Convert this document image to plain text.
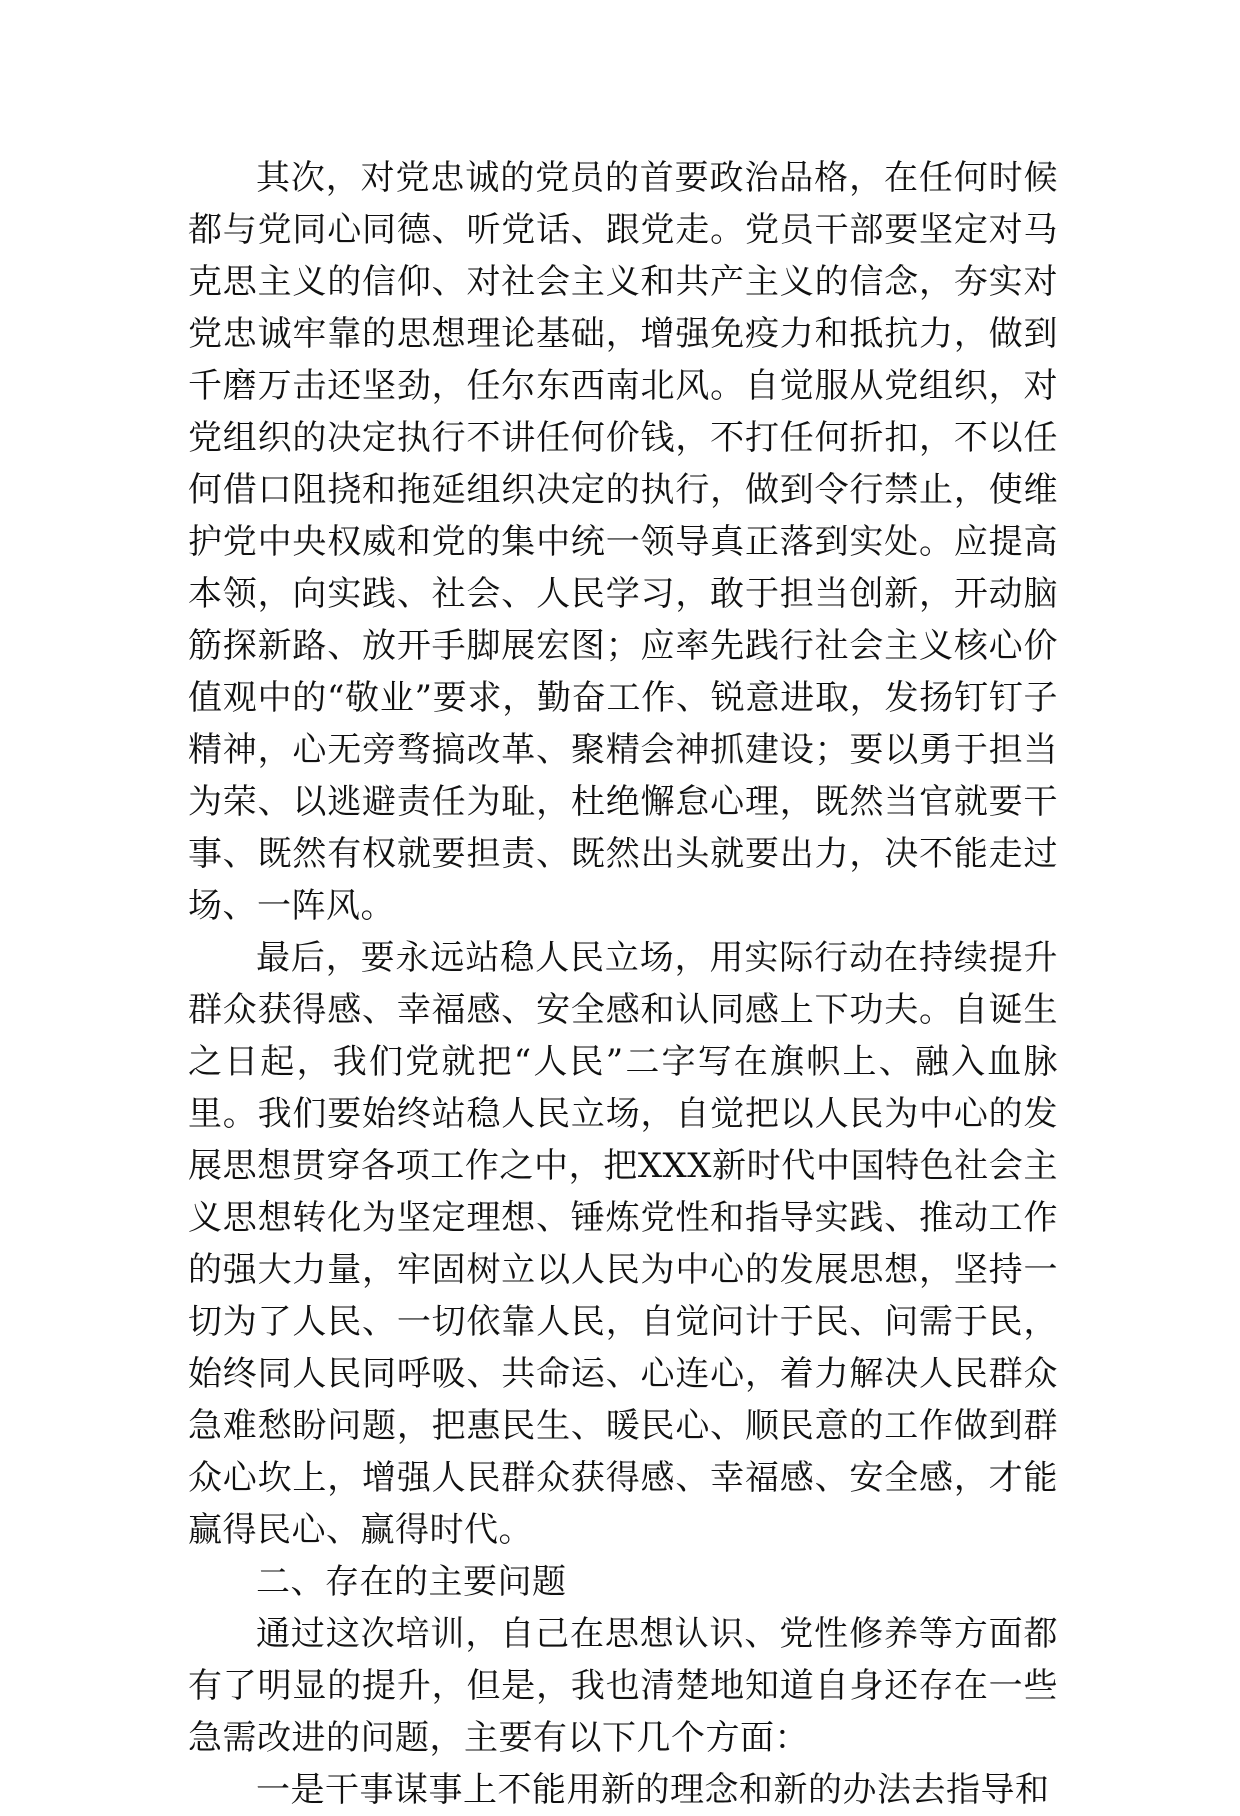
其次，对党忠诚的党员的首要政治品格，在任何时候都与党同心同德、听党话、跟党走。党员干部要坚定对马克思主义的信仰、对社会主义和共产主义的信念，夯实对党忠诚牢靠的思想理论基础，增强免疫力和抵抗力，做到千磨万击还坚劲，任尔东西南北风。自觉服从党组织，对党组织的决定执行不讲任何价钱，不打任何折扣，不以任何借口阻挠和拖延组织决定的执行，做到令行禁止，使维护党中央权威和党的集中统一领导真正落到实处。应提高本领，向实践、社会、人民学习，敢于担当创新，开动脑筋探新路、放开手脚展宏图；应率先践行社会主义核心价值观中的“敬业”要求，勤奋工作、锐意进取，发扬钉钉子精神，心无旁骛搞改革、聚精会神抓建设；要以勇于担当为荣、以逃避责任为耻，杜绝懈怠心理，既然当官就要干事、既然有权就要担责、既然出头就要出力，决不能走过场、一阵风。

最后，要永远站稳人民立场，用实际行动在持续提升群众获得感、幸福感、安全感和认同感上下功夫。自诞生之日起，我们党就把“人民”二字写在旗帜上、融入血脉里。我们要始终站稳人民立场，自觉把以人民为中心的发展思想贯穿各项工作之中，把XXX新时代中国特色社会主义思想转化为坚定理想、锤炼党性和指导实践、推动工作的强大力量，牢固树立以人民为中心的发展思想，坚持一切为了人民、一切依靠人民，自觉问计于民、问需于民，始终同人民同呼吸、共命运、心连心，着力解决人民群众急难愁盼问题，把惠民生、暖民心、顺民意的工作做到群众心坎上，增强人民群众获得感、幸福感、安全感，才能赢得民心、赢得时代。

二、存在的主要问题

通过这次培训，自己在思想认识、党性修养等方面都有了明显的提升，但是，我也清楚地知道自身还存在一些急需改进的问题，主要有以下几个方面：

一是干事谋事上不能用新的理念和新的办法去指导和
